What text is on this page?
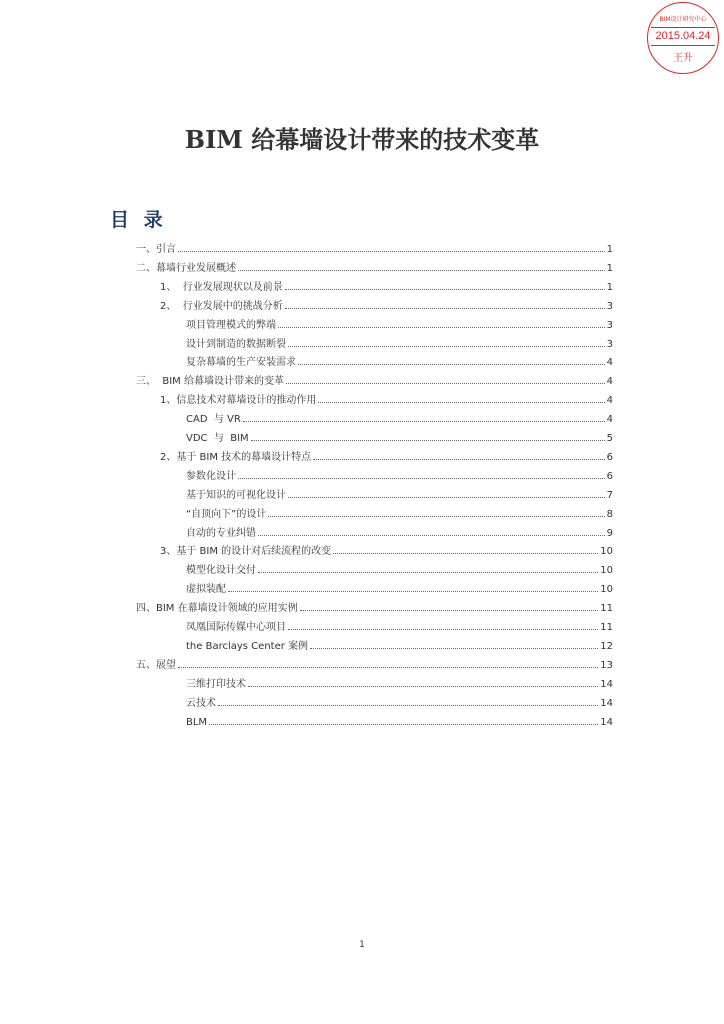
BIM设计研究中心
2015.04.24
王升
BIM 给幕墙设计带来的技术变革
目 录
一、引言	1
二、幕墙行业发展概述	1
1、  行业发展现状以及前景	1
2、  行业发展中的挑战分析	3
项目管理模式的弊端	3
设计到制造的数据断裂	3
复杂幕墙的生产安装需求	4
三、  BIM 给幕墙设计带来的变革	4
1、信息技术对幕墙设计的推动作用	4
CAD  与 VR	4
VDC  与  BIM	5
2、基于 BIM 技术的幕墙设计特点	6
参数化设计	6
基于知识的可视化设计	7
“自顶向下”的设计	8
自动的专业纠错	9
3、基于 BIM 的设计对后续流程的改变	10
模型化设计交付	10
虚拟装配	10
四、BIM 在幕墙设计领域的应用实例	11
凤凰国际传媒中心项目	11
the Barclays Center 案例	12
五、展望	13
三维打印技术	14
云技术	14
BLM	14
1
